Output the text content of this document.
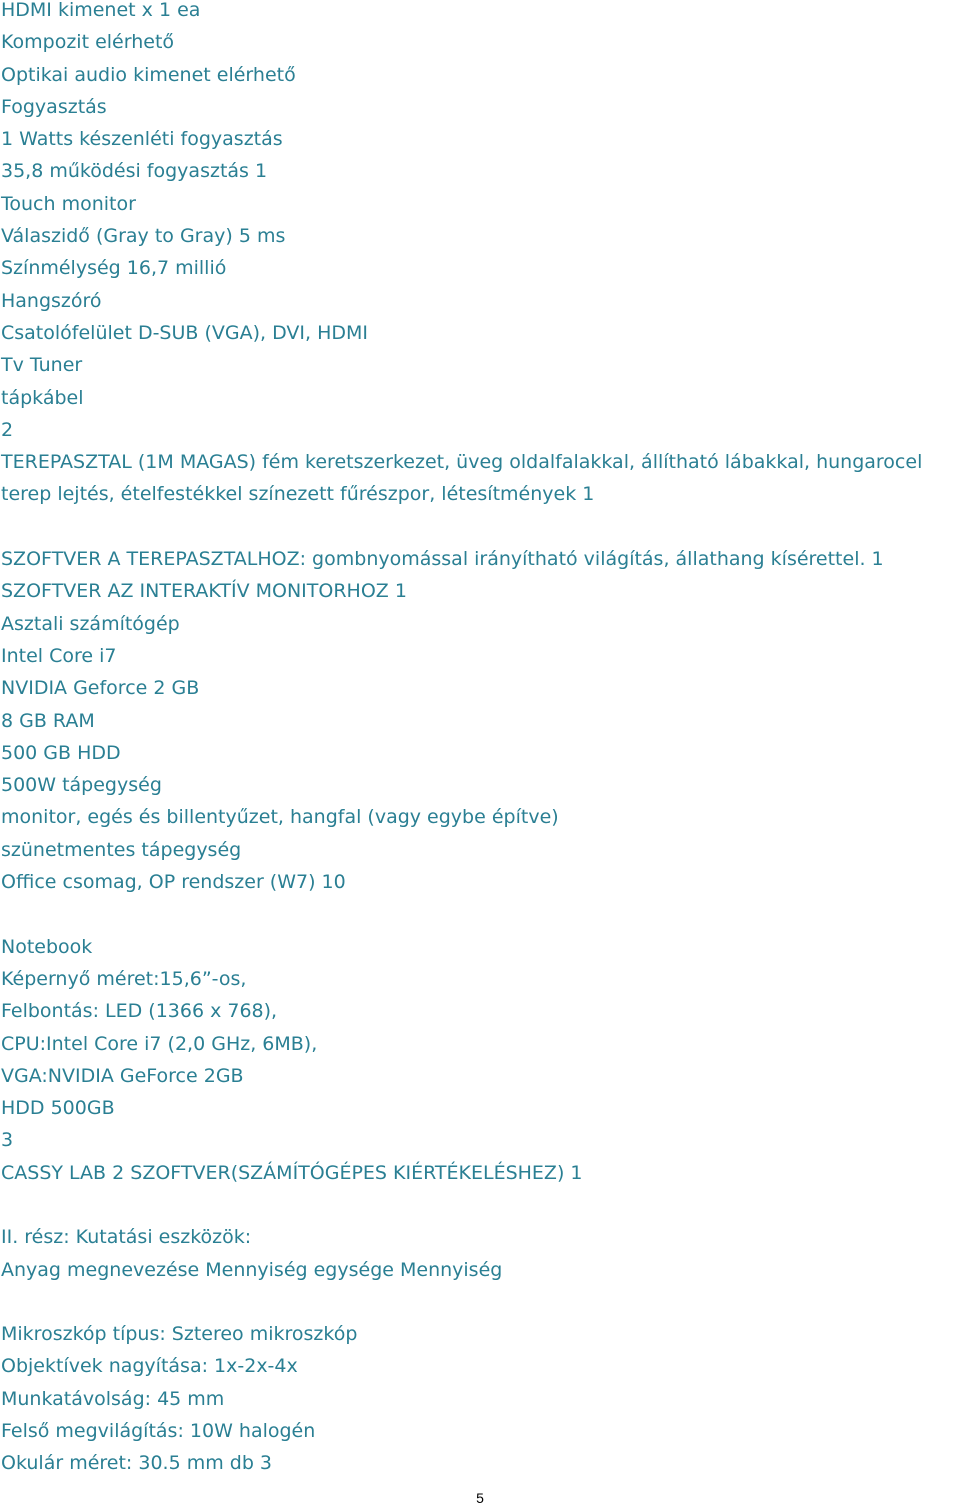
HDMI kimenet x 1 ea
Kompozit elérhető
Optikai audio kimenet elérhető
Fogyasztás
1 Watts készenléti fogyasztás
35,8 működési fogyasztás 1
Touch monitor
Válaszidő (Gray to Gray) 5 ms
Színmélység 16,7 millió
Hangszóró
Csatolófelület D-SUB (VGA), DVI, HDMI
Tv Tuner
tápkábel
2
TEREPASZTAL (1M MAGAS) fém keretszerkezet, üveg oldalfalakkal, állítható lábakkal, hungarocel
terep lejtés, ételfestékkel színezett fűrészpor, létesítmények 1
SZOFTVER A TEREPASZTALHOZ: gombnyomással irányítható világítás, állathang kísérettel. 1
SZOFTVER AZ INTERAKTÍV MONITORHOZ 1
Asztali számítógép
Intel Core i7
NVIDIA Geforce 2 GB
8 GB RAM
500 GB HDD
500W tápegység
monitor, egés és billentyűzet, hangfal (vagy egybe építve)
szünetmentes tápegység
Office csomag, OP rendszer (W7) 10
Notebook
Képernyő méret:15,6”-os,
Felbontás: LED (1366 x 768),
CPU:Intel Core i7 (2,0 GHz, 6MB),
VGA:NVIDIA GeForce 2GB
HDD 500GB
3
CASSY LAB 2 SZOFTVER(SZÁMÍTÓGÉPES KIÉRTÉKELÉSHEZ) 1
II. rész: Kutatási eszközök:
Anyag megnevezése Mennyiség egysége Mennyiség
Mikroszkóp típus: Sztereo mikroszkóp
Objektívek nagyítása: 1x-2x-4x
Munkatávolság: 45 mm
Felső megvilágítás: 10W halogén
Okulár méret: 30.5 mm db 3
5
